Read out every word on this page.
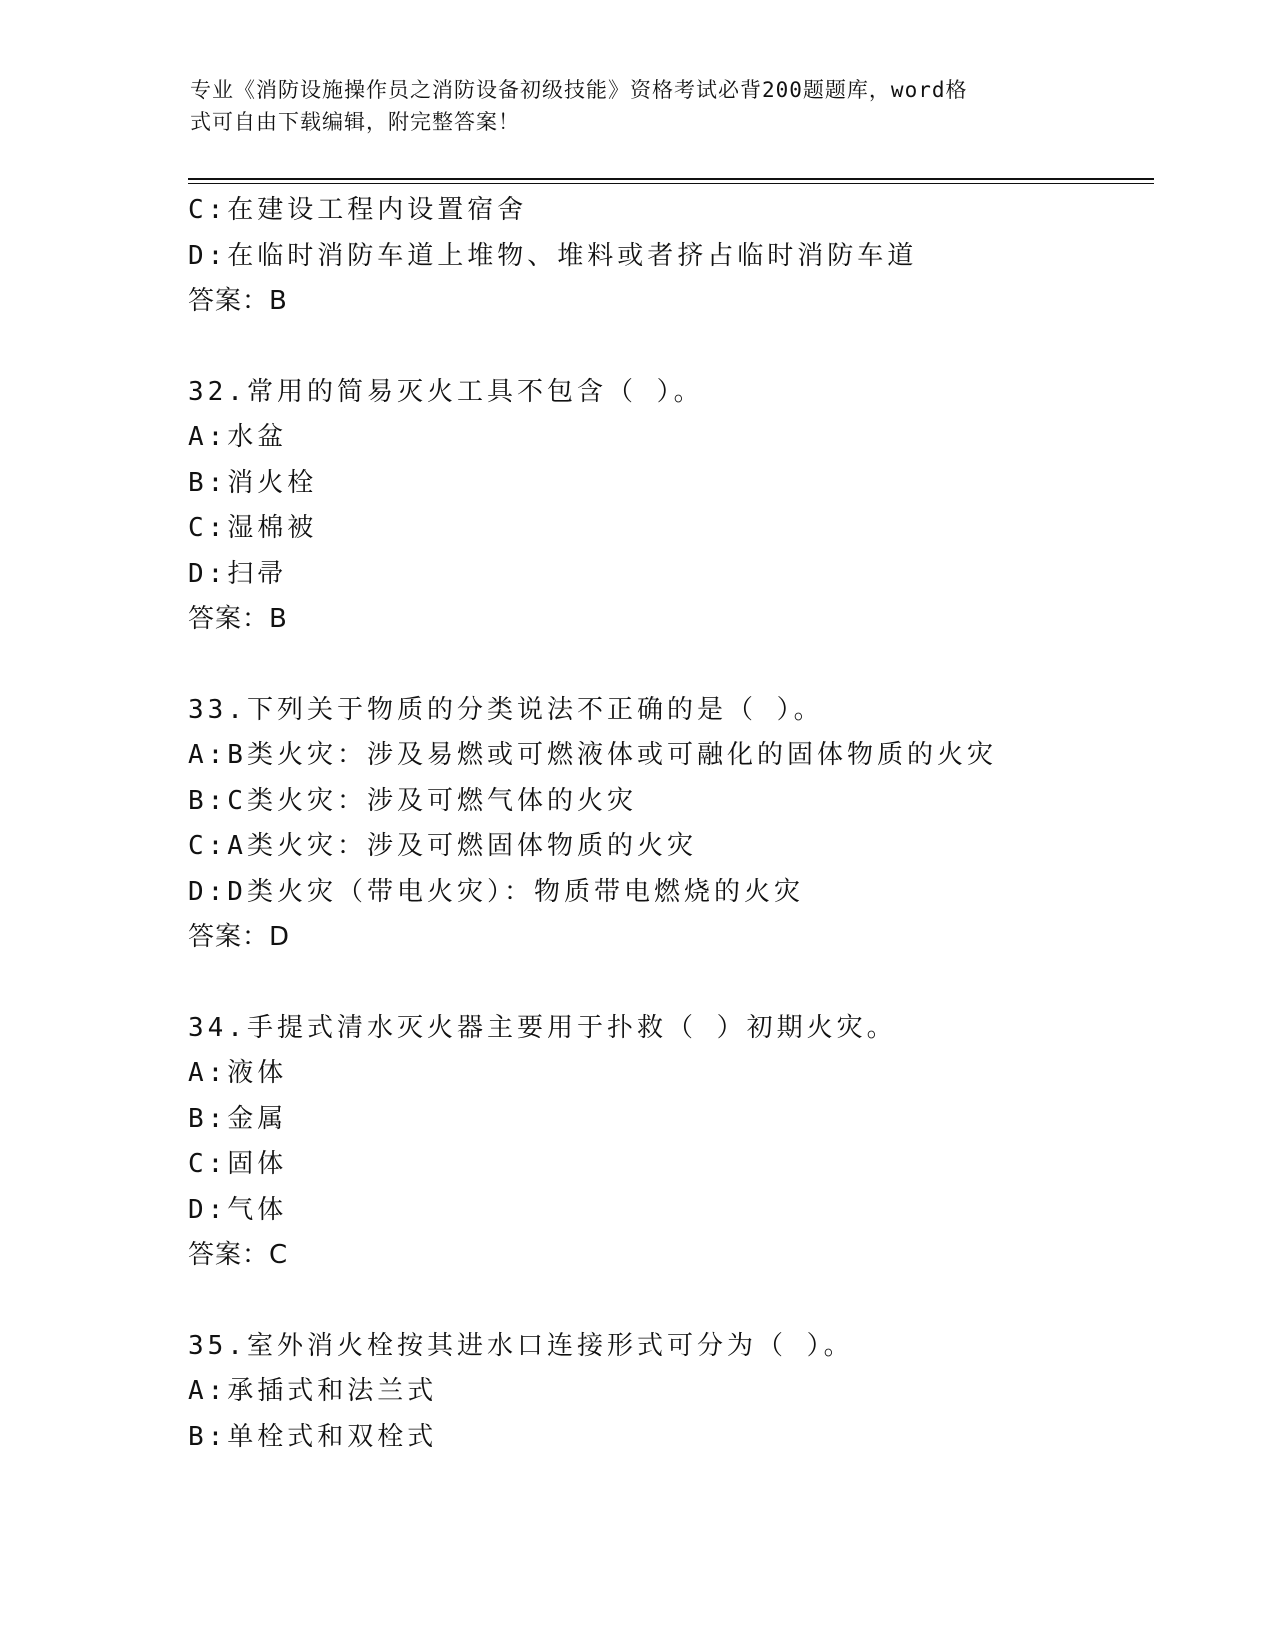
专业《消防设施操作员之消防设备初级技能》资格考试必背200题题库，word格
式可自由下载编辑，附完整答案！
C:在建设工程内设置宿舍
D:在临时消防车道上堆物、堆料或者挤占临时消防车道
答案：B
32.常用的简易灭火工具不包含（ ）。
A:水盆
B:消火栓
C:湿棉被
D:扫帚
答案：B
33.下列关于物质的分类说法不正确的是（ ）。
A:B类火灾：涉及易燃或可燃液体或可融化的固体物质的火灾
B:C类火灾：涉及可燃气体的火灾
C:A类火灾：涉及可燃固体物质的火灾
D:D类火灾（带电火灾）：物质带电燃烧的火灾
答案：D
34.手提式清水灭火器主要用于扑救（ ）初期火灾。
A:液体
B:金属
C:固体
D:气体
答案：C
35.室外消火栓按其进水口连接形式可分为（ ）。
A:承插式和法兰式
B:单栓式和双栓式
